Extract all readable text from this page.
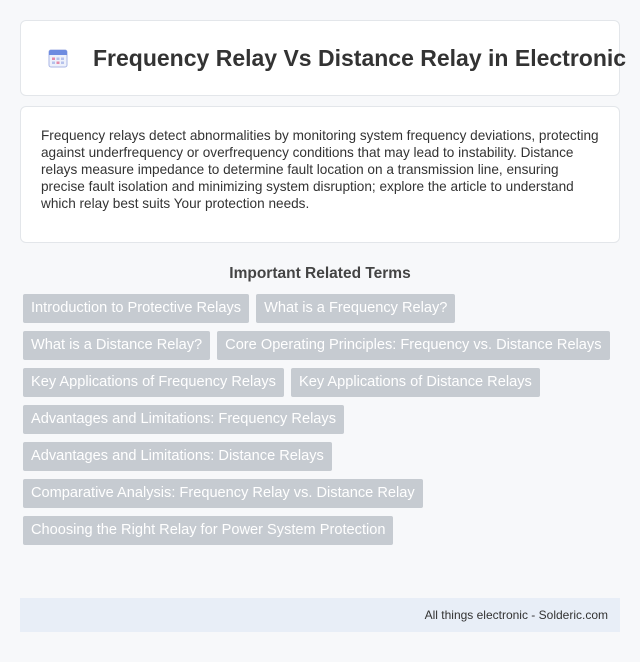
Frequency Relay Vs Distance Relay in Electronic

Frequency relays detect abnormalities by monitoring system frequency deviations, protecting against underfrequency or overfrequency conditions that may lead to instability. Distance relays measure impedance to determine fault location on a transmission line, ensuring precise fault isolation and minimizing system disruption; explore the article to understand which relay best suits Your protection needs.

Important Related Terms
Introduction to Protective Relays	What is a Frequency Relay?
What is a Distance Relay?	Core Operating Principles: Frequency vs. Distance Relays
Key Applications of Frequency Relays	Key Applications of Distance Relays
Advantages and Limitations: Frequency Relays
Advantages and Limitations: Distance Relays
Comparative Analysis: Frequency Relay vs. Distance Relay
Choosing the Right Relay for Power System Protection
All things electronic - Solderic.com
